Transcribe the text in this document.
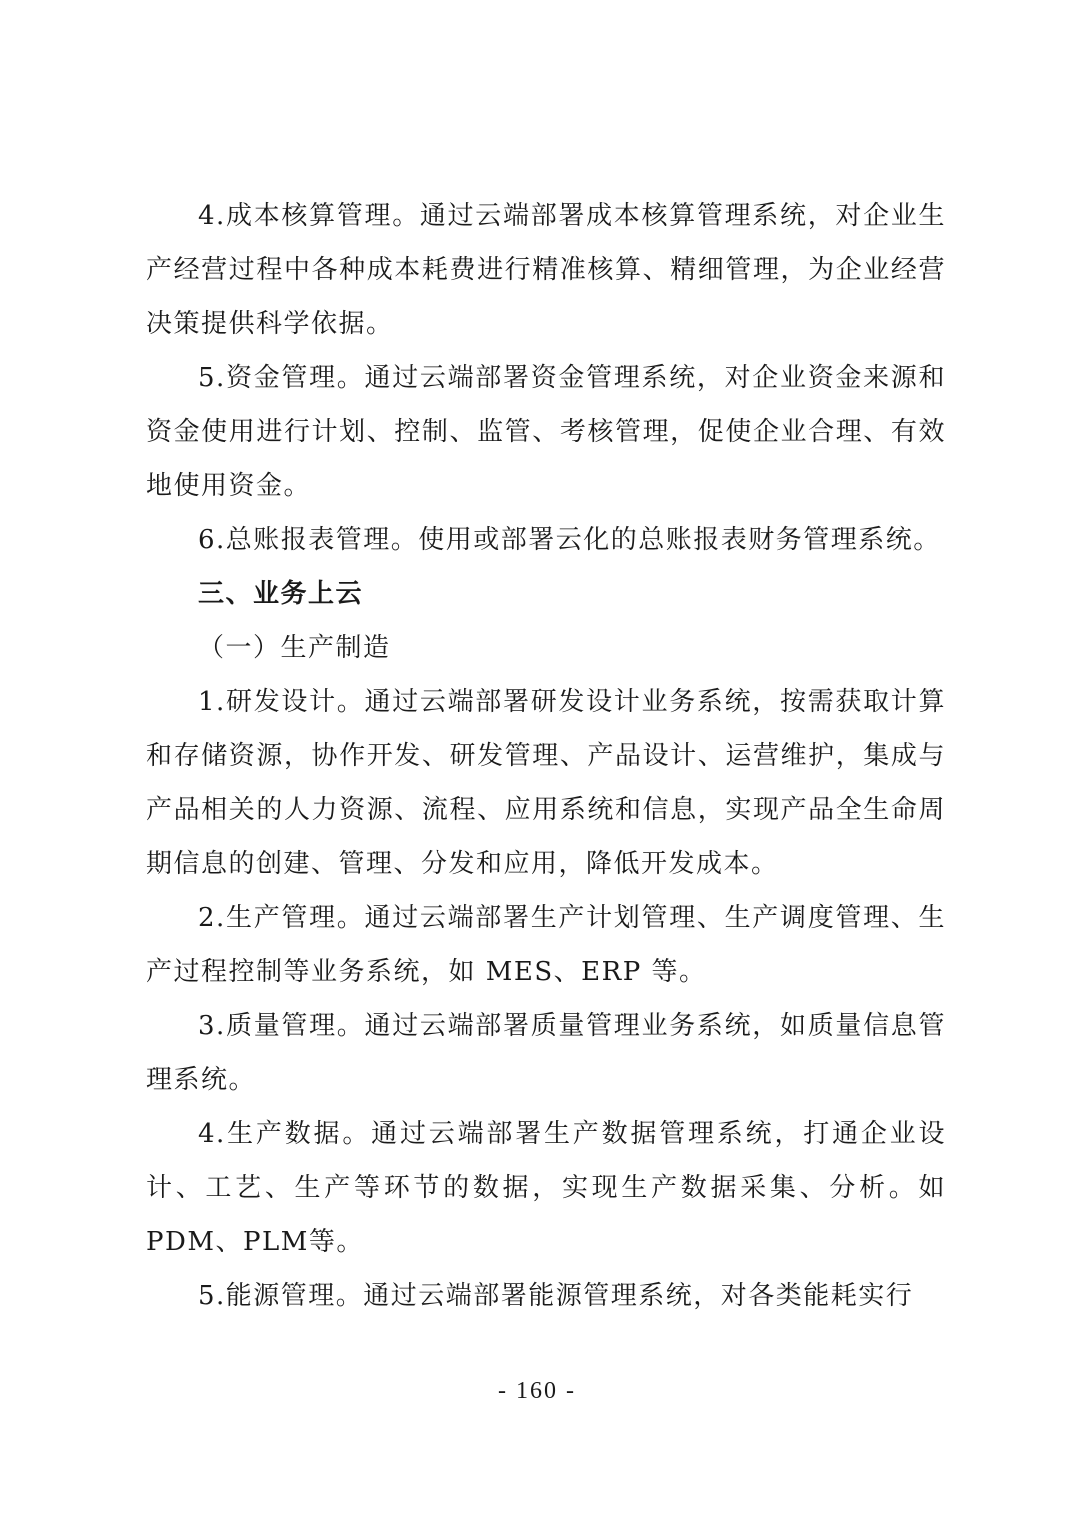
4.成本核算管理。通过云端部署成本核算管理系统，对企业生产经营过程中各种成本耗费进行精准核算、精细管理，为企业经营决策提供科学依据。

5.资金管理。通过云端部署资金管理系统，对企业资金来源和资金使用进行计划、控制、监管、考核管理，促使企业合理、有效地使用资金。

6.总账报表管理。使用或部署云化的总账报表财务管理系统。

三、业务上云

（一）生产制造

1.研发设计。通过云端部署研发设计业务系统，按需获取计算和存储资源，协作开发、研发管理、产品设计、运营维护，集成与产品相关的人力资源、流程、应用系统和信息，实现产品全生命周期信息的创建、管理、分发和应用，降低开发成本。

2.生产管理。通过云端部署生产计划管理、生产调度管理、生产过程控制等业务系统，如 MES、ERP 等。

3.质量管理。通过云端部署质量管理业务系统，如质量信息管理系统。

4.生产数据。通过云端部署生产数据管理系统，打通企业设计、工艺、生产等环节的数据，实现生产数据采集、分析。如PDM、PLM等。

5.能源管理。通过云端部署能源管理系统，对各类能耗实行

- 160 -
